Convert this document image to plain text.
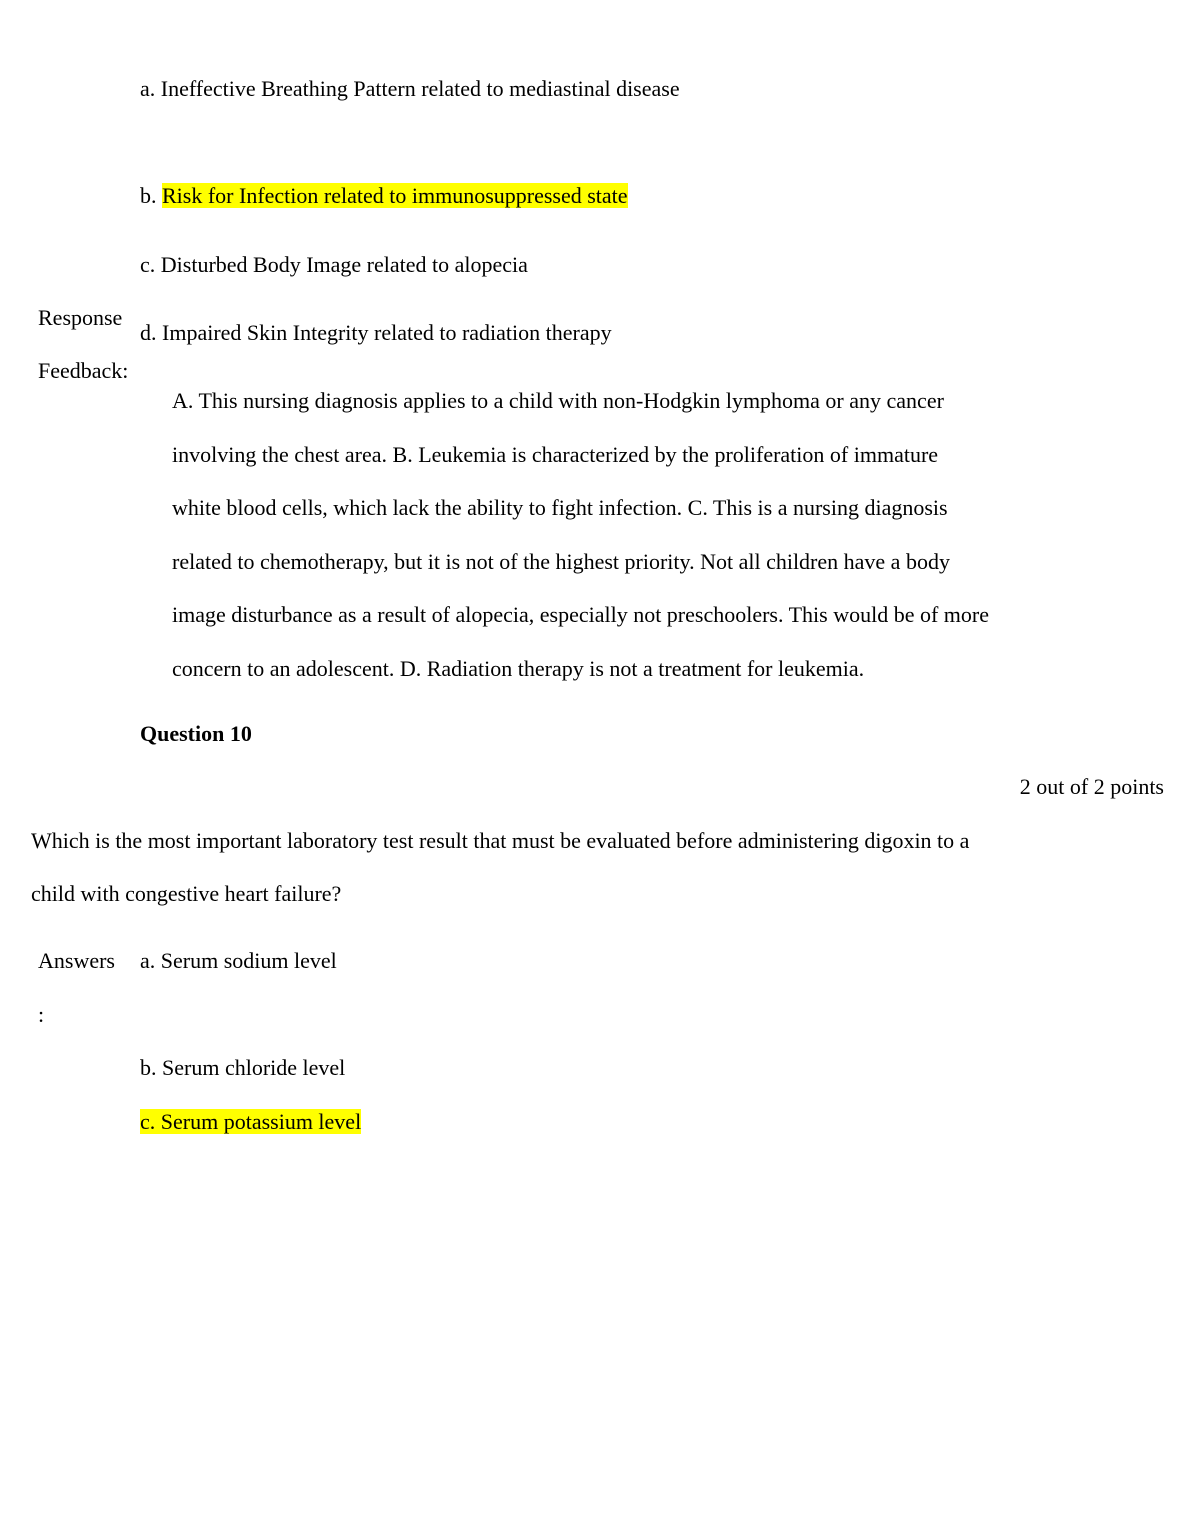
a. Ineffective Breathing Pattern related to mediastinal disease
b. Risk for Infection related to immunosuppressed state
c. Disturbed Body Image related to alopecia
Response
d. Impaired Skin Integrity related to radiation therapy
Feedback:
A. This nursing diagnosis applies to a child with non-Hodgkin lymphoma or any cancer
involving the chest area. B. Leukemia is characterized by the proliferation of immature
white blood cells, which lack the ability to fight infection. C. This is a nursing diagnosis
related to chemotherapy, but it is not of the highest priority. Not all children have a body
image disturbance as a result of alopecia, especially not preschoolers. This would be of more
concern to an adolescent. D. Radiation therapy is not a treatment for leukemia.
Question 10
2 out of 2 points
Which is the most important laboratory test result that must be evaluated before administering digoxin to a
child with congestive heart failure?
Answers
:
a. Serum sodium level
b. Serum chloride level
c. Serum potassium level
